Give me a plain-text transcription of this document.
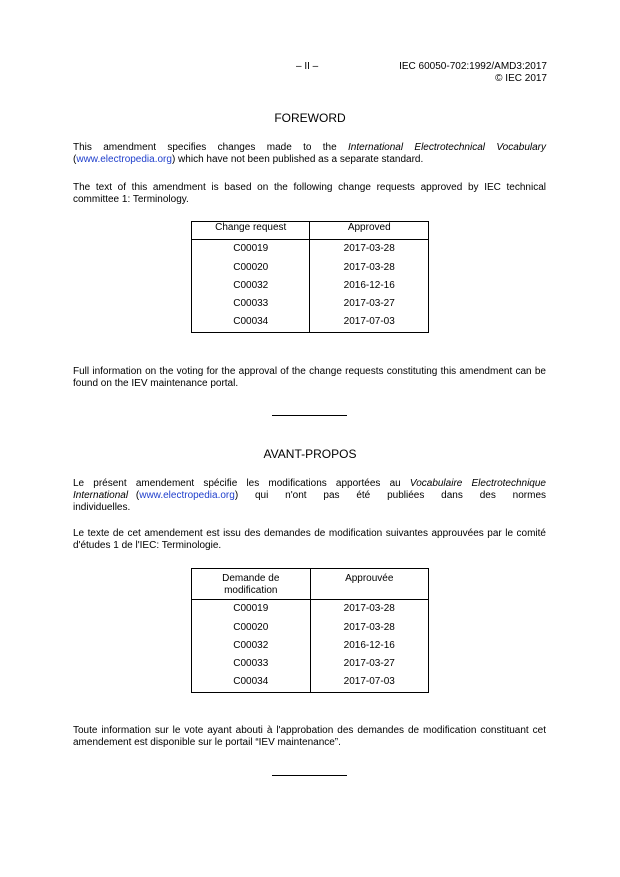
– II –	IEC 60050-702:1992/AMD3:2017
© IEC 2017
FOREWORD

This amendment specifies changes made to the International Electrotechnical Vocabulary

(www.electropedia.org) which have not been published as a separate standard.

The text of this amendment is based on the following change requests approved by IEC technical committee 1: Terminology.

Change request	Approved
C00019	2017-03-28
C00020	2017-03-28
C00032	2016-12-16
C00033	2017-03-27
C00034	2017-07-03

Full information on the voting for the approval of the change requests constituting this amendment can be found on the IEV maintenance portal.

AVANT-PROPOS

Le présent amendement spécifie les modifications apportées au Vocabulaire Electrotechnique

International (www.electropedia.org) qui n'ont pas été publiées dans des normes individuelles.

Le texte de cet amendement est issu des demandes de modification suivantes approuvées par le comité d'études 1 de l'IEC: Terminologie.

Demande de
modification	Approuvée
C00019	2017-03-28
C00020	2017-03-28
C00032	2016-12-16
C00033	2017-03-27
C00034	2017-07-03

Toute information sur le vote ayant abouti à l'approbation des demandes de modification constituant cet amendement est disponible sur le portail “IEV maintenance”.
